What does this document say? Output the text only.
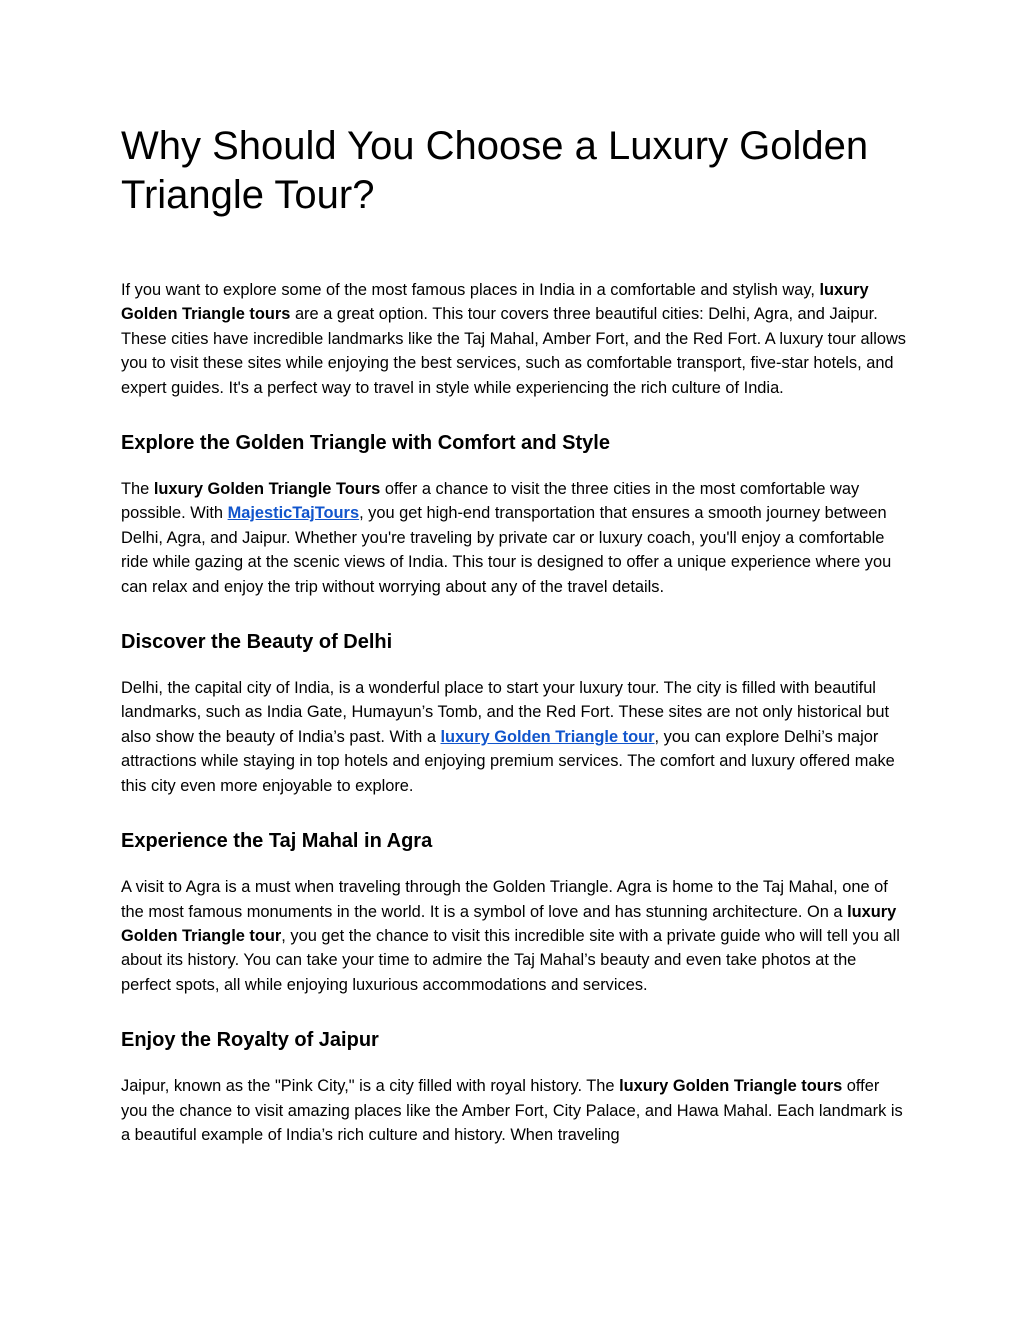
Why Should You Choose a Luxury Golden Triangle Tour?

If you want to explore some of the most famous places in India in a comfortable and stylish way, luxury Golden Triangle tours are a great option. This tour covers three beautiful cities: Delhi, Agra, and Jaipur. These cities have incredible landmarks like the Taj Mahal, Amber Fort, and the Red Fort. A luxury tour allows you to visit these sites while enjoying the best services, such as comfortable transport, five-star hotels, and expert guides. It's a perfect way to travel in style while experiencing the rich culture of India.

Explore the Golden Triangle with Comfort and Style

The luxury Golden Triangle Tours offer a chance to visit the three cities in the most comfortable way possible. With MajesticTajTours, you get high-end transportation that ensures a smooth journey between Delhi, Agra, and Jaipur. Whether you're traveling by private car or luxury coach, you'll enjoy a comfortable ride while gazing at the scenic views of India. This tour is designed to offer a unique experience where you can relax and enjoy the trip without worrying about any of the travel details.

Discover the Beauty of Delhi

Delhi, the capital city of India, is a wonderful place to start your luxury tour. The city is filled with beautiful landmarks, such as India Gate, Humayun’s Tomb, and the Red Fort. These sites are not only historical but also show the beauty of India’s past. With a luxury Golden Triangle tour, you can explore Delhi’s major attractions while staying in top hotels and enjoying premium services. The comfort and luxury offered make this city even more enjoyable to explore.

Experience the Taj Mahal in Agra

A visit to Agra is a must when traveling through the Golden Triangle. Agra is home to the Taj Mahal, one of the most famous monuments in the world. It is a symbol of love and has stunning architecture. On a luxury Golden Triangle tour, you get the chance to visit this incredible site with a private guide who will tell you all about its history. You can take your time to admire the Taj Mahal’s beauty and even take photos at the perfect spots, all while enjoying luxurious accommodations and services.

Enjoy the Royalty of Jaipur

Jaipur, known as the "Pink City," is a city filled with royal history. The luxury Golden Triangle tours offer you the chance to visit amazing places like the Amber Fort, City Palace, and Hawa Mahal. Each landmark is a beautiful example of India’s rich culture and history. When traveling
